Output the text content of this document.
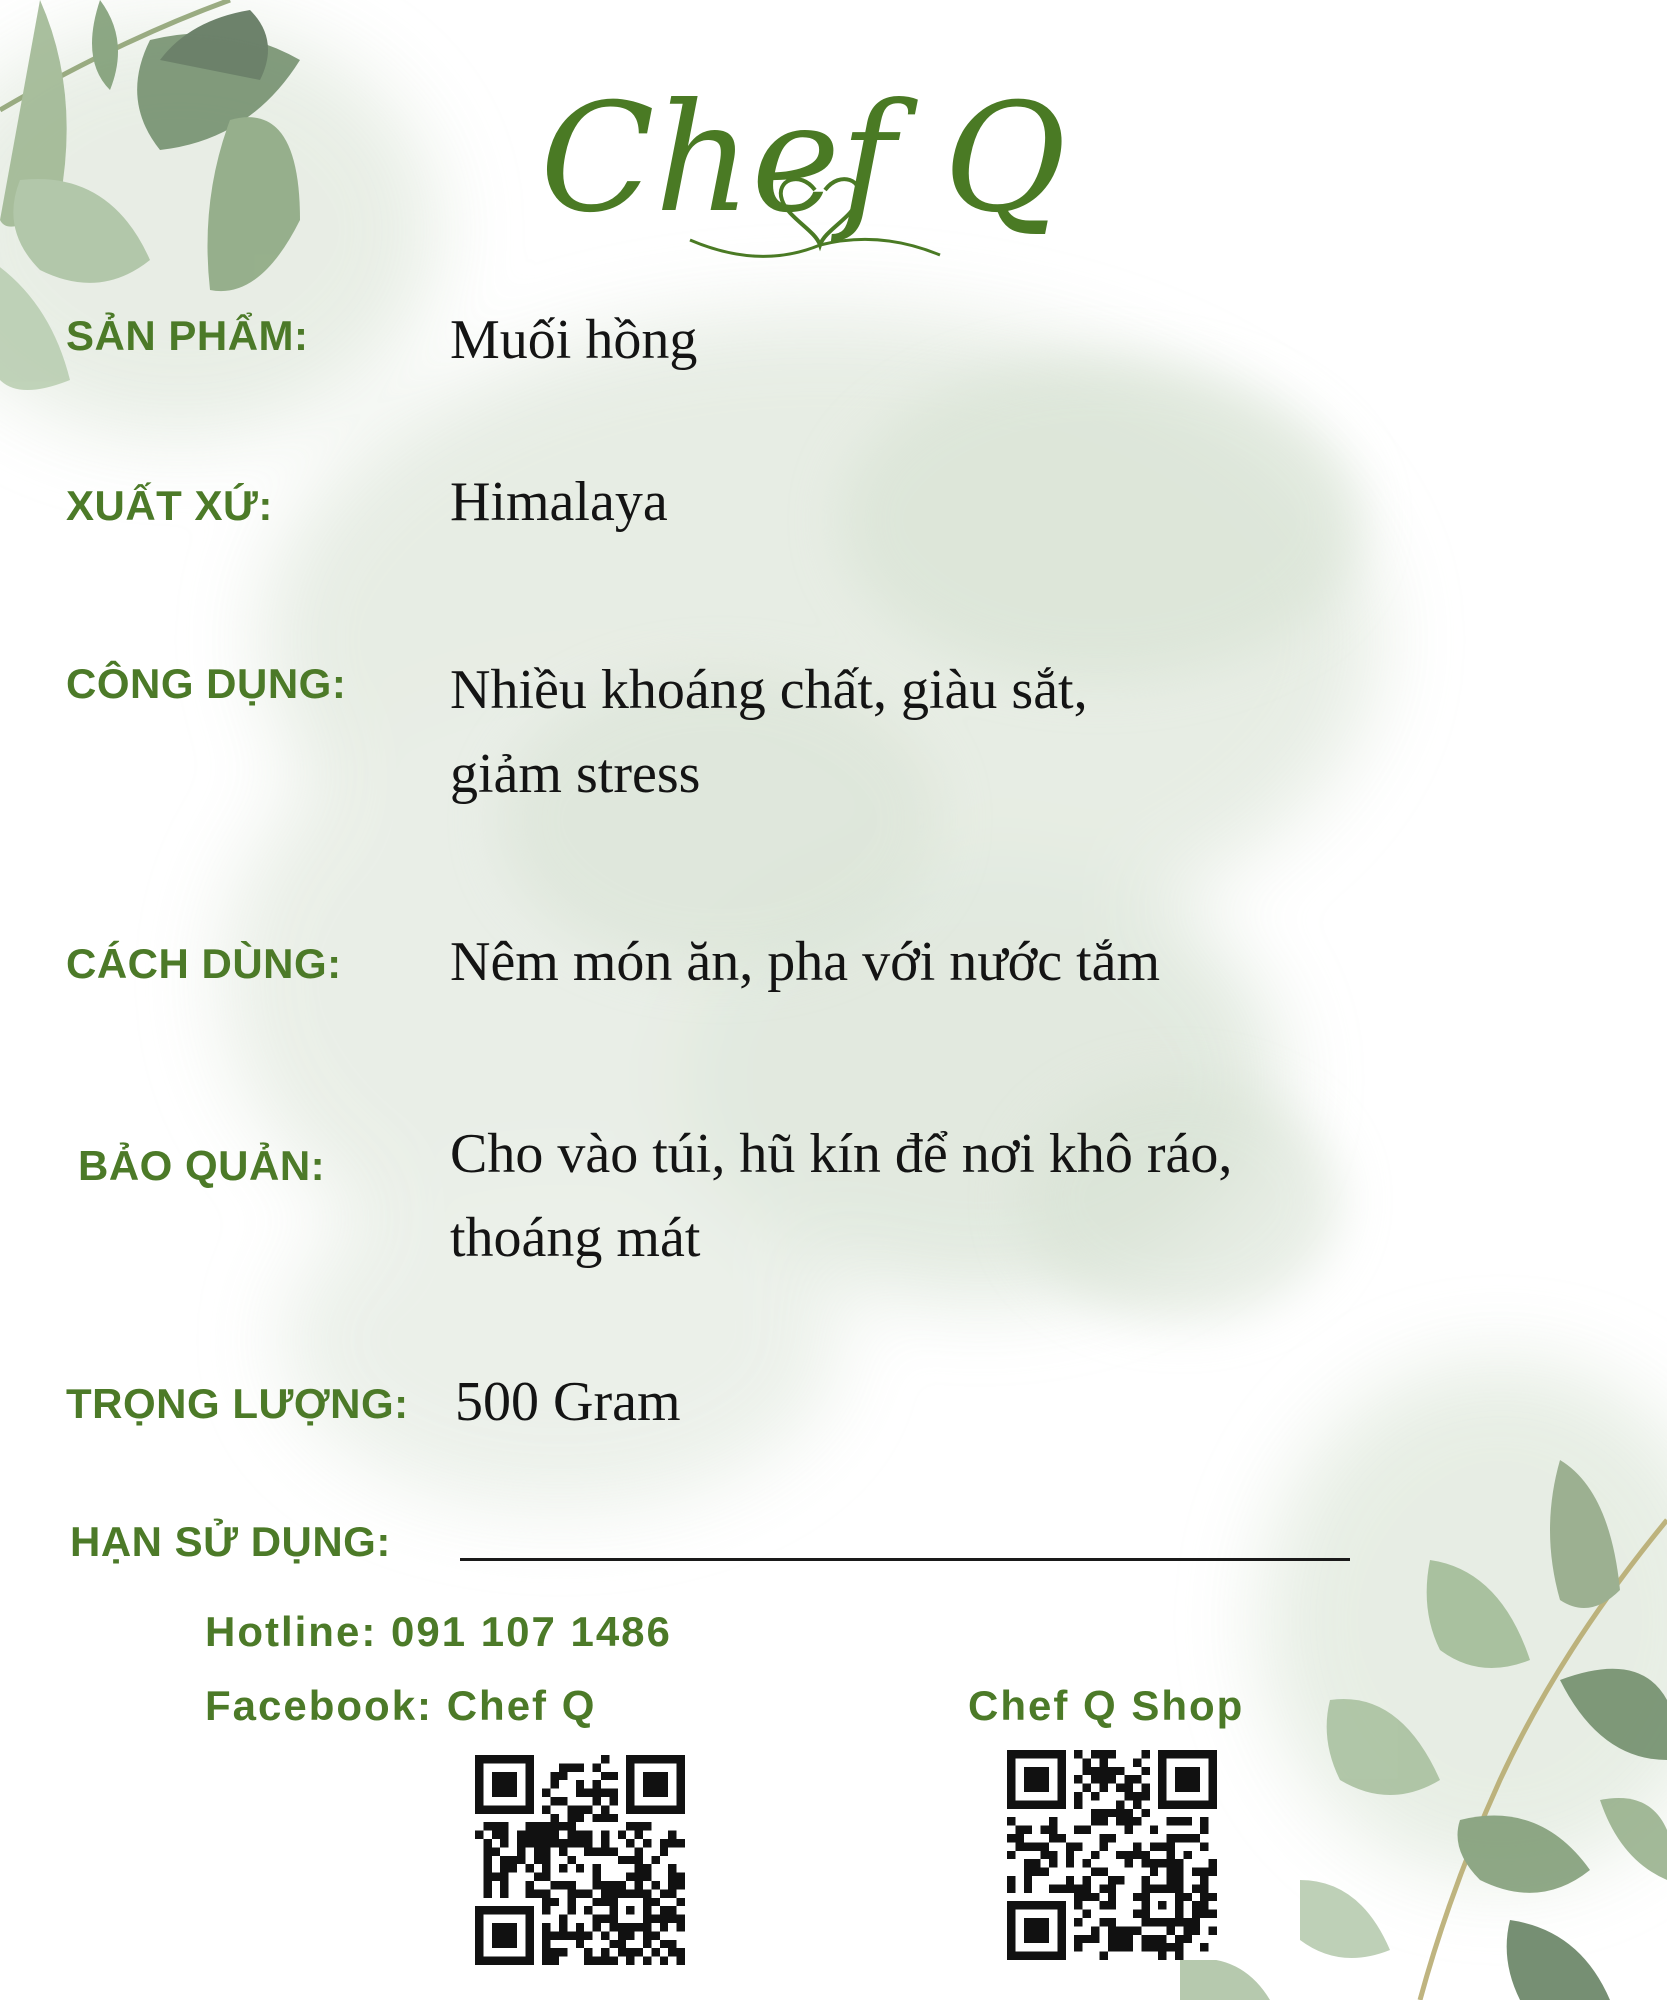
Chef Q
SẢN PHẨM:	Muối hồng
XUẤT XỨ:	Himalaya
CÔNG DỤNG: Nhiều khoáng chất, giàu sắt,
giảm stress
CÁCH DÙNG: Nêm món ăn, pha với nước tắm
BẢO QUẢN: Cho vào túi, hũ kín để nơi khô ráo,
thoáng mát
TRỌNG LƯỢNG: 500 Gram
HẠN SỬ DỤNG:
Hotline: 091 107 1486
Facebook: Chef Q	Chef Q Shop
